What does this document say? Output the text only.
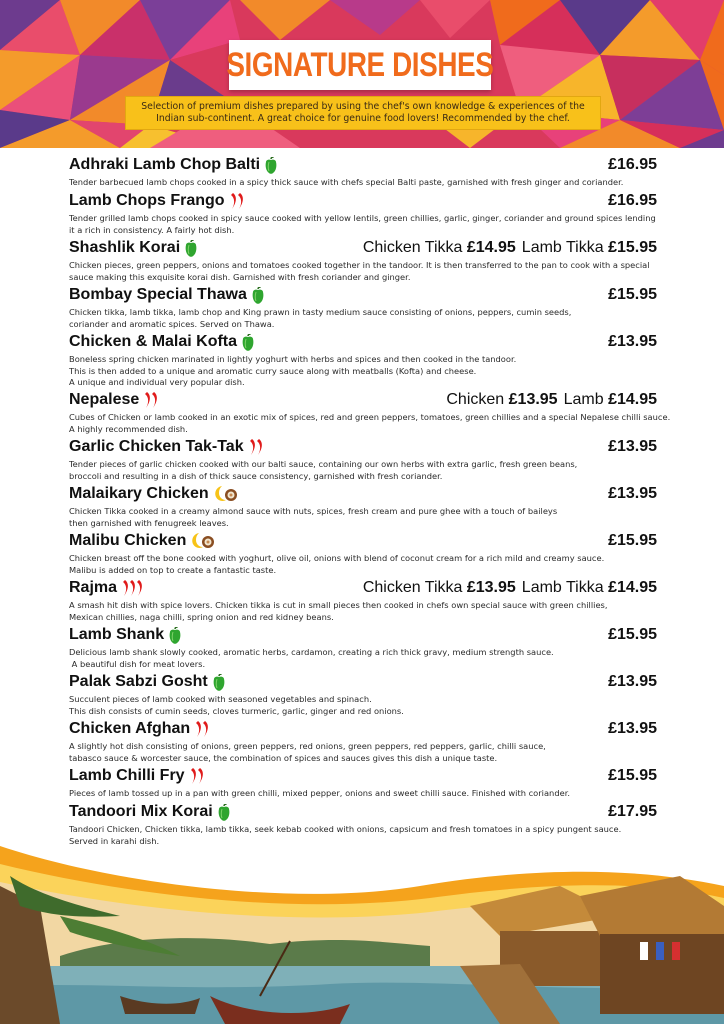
SIGNATURE DISHES
Selection of premium dishes prepared by using the chef's own knowledge & experiences of the
Indian sub-continent. A great choice for genuine food lovers! Recommended by the chef.
Adhraki Lamb Chop Balti	£16.95
Tender barbecued lamb chops cooked in a spicy thick sauce with chefs special Balti paste, garnished with fresh ginger and coriander.
Lamb Chops Frango	£16.95
Tender grilled lamb chops cooked in spicy sauce cooked with yellow lentils, green chillies, garlic, ginger, coriander and ground spices lending
it a rich in consistency. A fairly hot dish.
Shashlik Korai	Chicken Tikka £14.95 Lamb Tikka £15.95
Chicken pieces, green peppers, onions and tomatoes cooked together in the tandoor. It is then transferred to the pan to cook with a special
sauce making this exquisite korai dish. Garnished with fresh coriander and ginger.
Bombay Special Thawa	£15.95
Chicken tikka, lamb tikka, lamb chop and King prawn in tasty medium sauce consisting of onions, peppers, cumin seeds,
coriander and aromatic spices. Served on Thawa.
Chicken & Malai Kofta	£13.95
Boneless spring chicken marinated in lightly yoghurt with herbs and spices and then cooked in the tandoor.
This is then added to a unique and aromatic curry sauce along with meatballs (Kofta) and cheese.
A unique and individual very popular dish.
Nepalese	Chicken £13.95 Lamb £14.95
Cubes of Chicken or lamb cooked in an exotic mix of spices, red and green peppers, tomatoes, green chillies and a special Nepalese chilli sauce.
A highly recommended dish.
Garlic Chicken Tak-Tak	£13.95
Tender pieces of garlic chicken cooked with our balti sauce, containing our own herbs with extra garlic, fresh green beans,
broccoli and resulting in a dish of thick sauce consistency, garnished with fresh coriander.
Malaikary Chicken	£13.95
Chicken Tikka cooked in a creamy almond sauce with nuts, spices, fresh cream and pure ghee with a touch of baileys
then garnished with fenugreek leaves.
Malibu Chicken	£15.95
Chicken breast off the bone cooked with yoghurt, olive oil, onions with blend of coconut cream for a rich mild and creamy sauce.
Malibu is added on top to create a fantastic taste.
Rajma	Chicken Tikka £13.95 Lamb Tikka £14.95
A smash hit dish with spice lovers. Chicken tikka is cut in small pieces then cooked in chefs own special sauce with green chillies,
Mexican chillies, naga chilli, spring onion and red kidney beans.
Lamb Shank	£15.95
Delicious lamb shank slowly cooked, aromatic herbs, cardamon, creating a rich thick gravy, medium strength sauce.
A beautiful dish for meat lovers.
Palak Sabzi Gosht	£13.95
Succulent pieces of lamb cooked with seasoned vegetables and spinach.
This dish consists of cumin seeds, cloves turmeric, garlic, ginger and red onions.
Chicken Afghan	£13.95
A slightly hot dish consisting of onions, green peppers, red onions, green peppers, red peppers, garlic, chilli sauce,
tabasco sauce & worcester sauce, the combination of spices and sauces gives this dish a unique taste.
Lamb Chilli Fry	£15.95
Pieces of lamb tossed up in a pan with green chilli, mixed pepper, onions and sweet chilli sauce. Finished with coriander.
Tandoori Mix Korai	£17.95
Tandoori Chicken, Chicken tikka, lamb tikka, seek kebab cooked with onions, capsicum and fresh tomatoes in a spicy pungent sauce.
Served in karahi dish.
